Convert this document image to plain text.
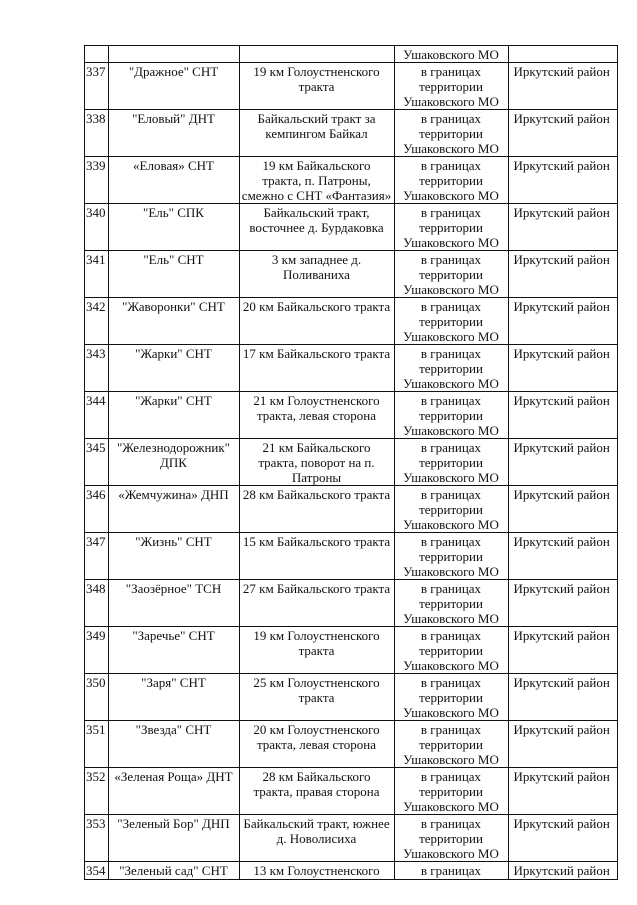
			Ушаковского МО	
337	"Дражное" СНТ	19 км Голоустненского тракта	в границах территории Ушаковского МО	Иркутский район
338	"Еловый" ДНТ	Байкальский тракт за кемпингом Байкал	в границах территории Ушаковского МО	Иркутский район
339	«Еловая» СНТ	19 км Байкальского тракта, п. Патроны, смежно с СНТ «Фантазия»	в границах территории Ушаковского МО	Иркутский район
340	"Ель" СПК	Байкальский тракт, восточнее д. Бурдаковка	в границах территории Ушаковского МО	Иркутский район
341	"Ель" СНТ	3 км западнее д. Поливаниха	в границах территории Ушаковского МО	Иркутский район
342	"Жаворонки" СНТ	20 км Байкальского тракта	в границах территории Ушаковского МО	Иркутский район
343	"Жарки" СНТ	17 км Байкальского тракта	в границах территории Ушаковского МО	Иркутский район
344	"Жарки" СНТ	21 км Голоустненского тракта, левая сторона	в границах территории Ушаковского МО	Иркутский район
345	"Железнодорожник" ДПК	21 км Байкальского тракта, поворот на п. Патроны	в границах территории Ушаковского МО	Иркутский район
346	«Жемчужина» ДНП	28 км Байкальского тракта	в границах территории Ушаковского МО	Иркутский район
347	"Жизнь" СНТ	15 км Байкальского тракта	в границах территории Ушаковского МО	Иркутский район
348	"Заозёрное" ТСН	27 км Байкальского тракта	в границах территории Ушаковского МО	Иркутский район
349	"Заречье" СНТ	19 км Голоустненского тракта	в границах территории Ушаковского МО	Иркутский район
350	"Заря" СНТ	25 км Голоустненского тракта	в границах территории Ушаковского МО	Иркутский район
351	"Звезда" СНТ	20 км Голоустненского тракта, левая сторона	в границах территории Ушаковского МО	Иркутский район
352	«Зеленая Роща» ДНТ	28 км Байкальского тракта, правая сторона	в границах территории Ушаковского МО	Иркутский район
353	"Зеленый Бор" ДНП	Байкальский тракт, южнее д. Новолисиха	в границах территории Ушаковского МО	Иркутский район
354	"Зеленый сад" СНТ	13 км Голоустненского	в границах	Иркутский район
